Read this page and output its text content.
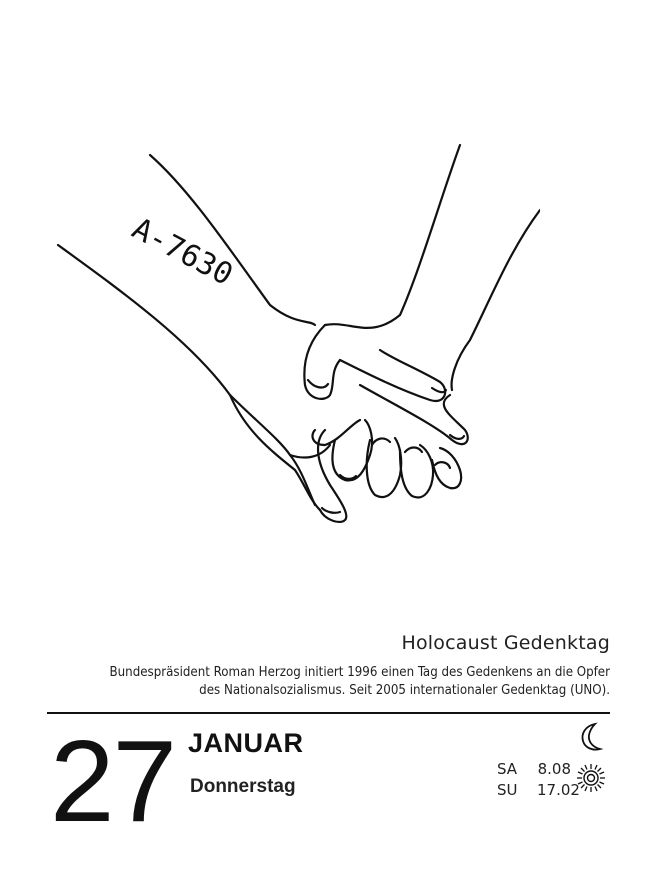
A-7630
Holocaust Gedenktag
Bundespräsident Roman Herzog initiert 1996 einen Tag des Gedenkens an die Opfer
des Nationalsozialismus. Seit 2005 internationaler Gedenktag (UNO).
27 JANUAR
Donnerstag
SA 8.08
SU 17.02
